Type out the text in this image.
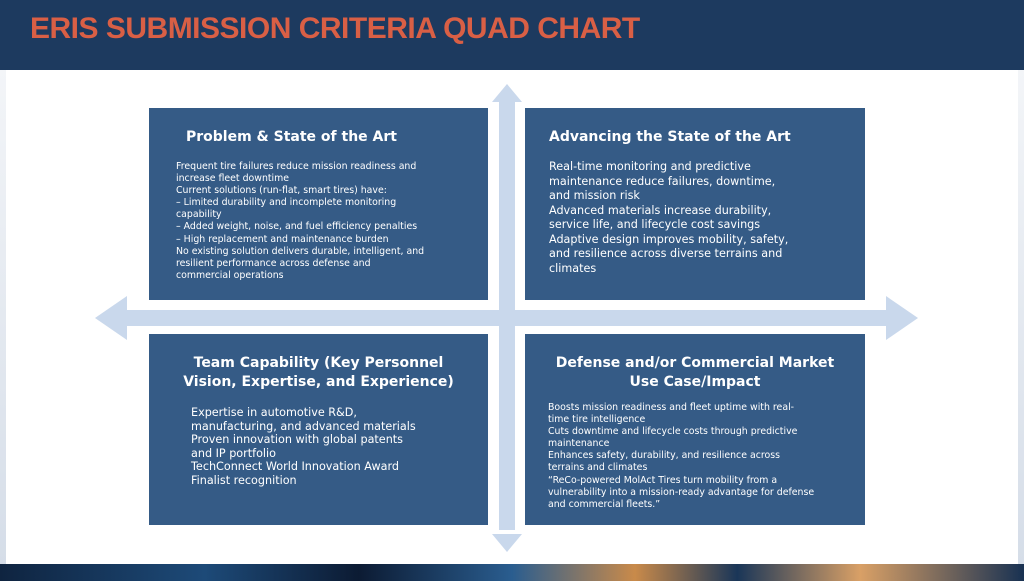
ERIS SUBMISSION CRITERIA QUAD CHART
Problem & State of the Art
Frequent tire failures reduce mission readiness and
increase fleet downtime
Current solutions (run-flat, smart tires) have:
– Limited durability and incomplete monitoring
capability
– Added weight, noise, and fuel efficiency penalties
– High replacement and maintenance burden
No existing solution delivers durable, intelligent, and
resilient performance across defense and
commercial operations
Advancing the State of the Art
Real-time monitoring and predictive
maintenance reduce failures, downtime,
and mission risk
Advanced materials increase durability,
service life, and lifecycle cost savings
Adaptive design improves mobility, safety,
and resilience across diverse terrains and
climates
Team Capability (Key Personnel
Vision, Expertise, and Experience)
Expertise in automotive R&D,
manufacturing, and advanced materials
Proven innovation with global patents
and IP portfolio
TechConnect World Innovation Award
Finalist recognition
Defense and/or Commercial Market
Use Case/Impact
Boosts mission readiness and fleet uptime with real-
time tire intelligence
Cuts downtime and lifecycle costs through predictive
maintenance
Enhances safety, durability, and resilience across
terrains and climates
“ReCo-powered MolAct Tires turn mobility from a
vulnerability into a mission-ready advantage for defense
and commercial fleets.”
